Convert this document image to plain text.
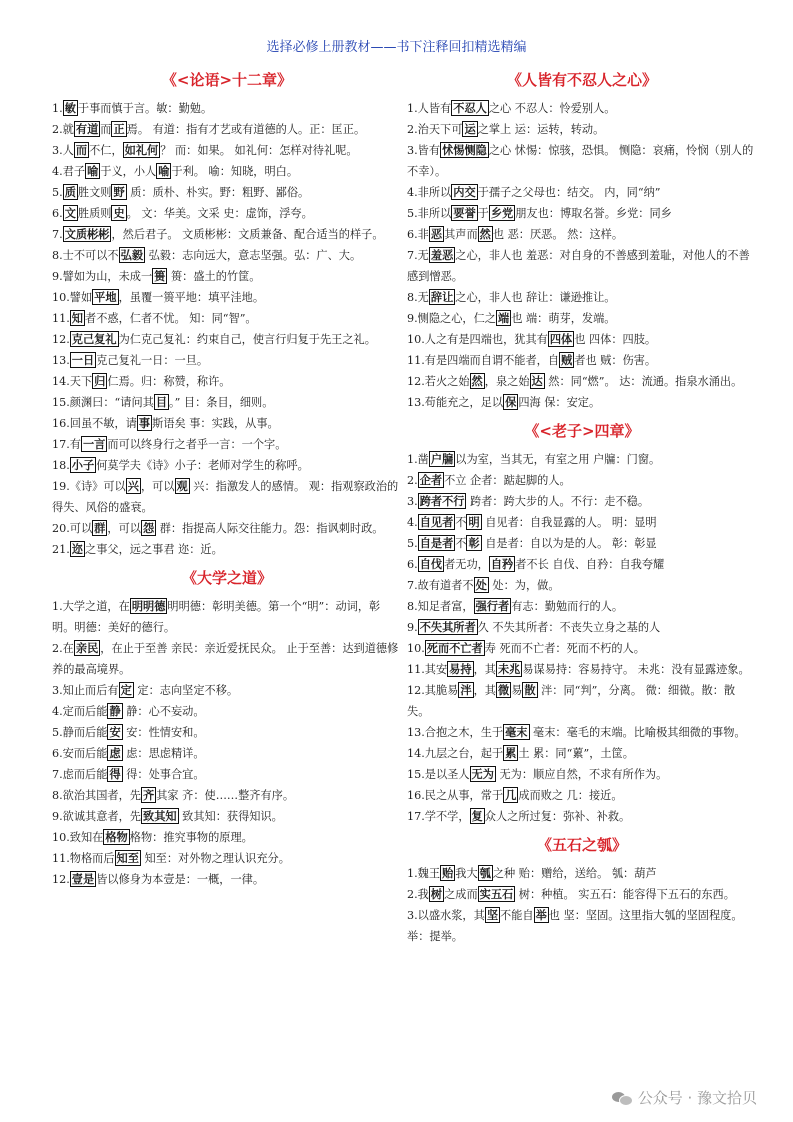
选择必修上册教材——书下注释回扣精选精编
《<论语>十二章》

1. 敏 于事而慎于言。敏：勤勉。

2.就 有道 而 正 焉。 有道：指有才艺或有道德的人。正：匡正。

3.人 而 不仁， 如礼何 ？ 而：如果。 如礼何：怎样对待礼呢。

4.君子 喻 于义，小人 喻 于利。 喻：知晓，明白。

5. 质 胜文则 野 质：质朴、朴实。野：粗野、鄙俗。

6. 文 胜质则 史 。 文：华美。文采 史：虚饰，浮夸。

7. 文质彬彬 ，然后君子。 文质彬彬：文质兼备、配合适当的样子。

8.士不可以不 弘毅 弘毅：志向远大，意志坚强。弘：广、大。

9.譬如为山，未成一 篑 篑：盛土的竹筐。

10.譬如 平地 ，虽覆一篑平地：填平洼地。

11. 知 者不惑，仁者不忧。 知：同“智”。

12. 克己复礼 为仁克己复礼：约束自己，使言行归复于先王之礼。

13. 一日 克己复礼一日：一旦。

14.天下 归 仁焉。归：称赞，称许。

15.颜渊曰：“请问其 目 。” 目：条目，细则。

16.回虽不敏，请 事 斯语矣 事：实践，从事。

17.有 一言 而可以终身行之者乎一言：一个字。

18. 小子 何莫学夫《诗》小子：老师对学生的称呼。

19.《诗》可以 兴 ，可以 观 兴：指激发人的感情。 观：指观察政治的得失、风俗的盛衰。

20.可以 群 ，可以 怨 群：指提高人际交往能力。怨：指讽刺时政。

21. 迩 之事父，远之事君 迩：近。

《大学之道》

1.大学之道，在 明明德 明明德：彰明美德。第一个“明”：动词，彰明。明德：美好的德行。

2.在 亲民 ，在止于至善 亲民：亲近爱抚民众。 止于至善：达到道德修养的最高境界。

3.知止而后有 定 定：志向坚定不移。

4.定而后能 静 静：心不妄动。

5.静而后能 安 安：性情安和。

6.安而后能 虑 虑：思虑精详。

7.虑而后能 得 得：处事合宜。

8.欲治其国者，先 齐 其家 齐：使……整齐有序。

9.欲诚其意者，先 致其知 致其知：获得知识。

10.致知在 格物 格物：推究事物的原理。

11.物格而后 知至 知至：对外物之理认识充分。

12. 壹是 皆以修身为本壹是：一概，一律。

《人皆有不忍人之心》

1.人皆有 不忍人 之心 不忍人：怜爱别人。

2.治天下可 运 之掌上 运：运转，转动。

3.皆有 怵惕恻隐 之心 怵惕：惊骇，恐惧。 恻隐：哀痛，怜悯（别人的不幸）。

4.非所以 内交 于孺子之父母也：结交。 内，同“纳”

5.非所以 要誉 于 乡党 朋友也：博取名誉。乡党：同乡

6.非 恶 其声而 然 也 恶：厌恶。 然：这样。

7.无 羞恶 之心，非人也 羞恶：对自身的不善感到羞耻，对他人的不善感到憎恶。

8.无 辞让 之心，非人也 辞让：谦逊推让。

9.恻隐之心，仁之 端 也 端：萌芽，发端。

10.人之有是四端也，犹其有 四体 也 四体：四肢。

11.有是四端而自谓不能者，自 贼 者也 贼：伤害。

12.若火之始 然 ，泉之始 达 然：同“燃”。 达：流通。指泉水涌出。

13.苟能充之，足以 保 四海 保：安定。

《<老子>四章》

1.凿 户牖 以为室，当其无，有室之用 户牖：门窗。

2. 企者 不立 企者：踮起脚的人。

3. 跨者不行 跨者：跨大步的人。不行：走不稳。

4. 自见者 不 明 自见者：自我显露的人。 明：显明

5. 自是者 不 彰 自是者：自以为是的人。 彰：彰显

6. 自伐 者无功， 自矜 者不长 自伐、自矜：自我夸耀

7.故有道者不 处 处：为，做。

8.知足者富， 强行者 有志：勤勉而行的人。

9. 不失其所者 久 不失其所者：不丧失立身之基的人

10. 死而不亡者 寿 死而不亡者：死而不朽的人。

11.其安 易持 ，其 未兆 易谋易持：容易持守。 未兆：没有显露迹象。

12.其脆易 泮 ，其 微 易 散 泮：同“判”，分离。 微：细微。散：散失。

13.合抱之木，生于 毫末 毫末：毫毛的末端。比喻极其细微的事物。

14.九层之台，起于 累 土 累：同“蔂”，土筐。

15.是以圣人 无为 无为：顺应自然，不求有所作为。

16.民之从事，常于 几 成而败之 几：接近。

17.学不学， 复 众人之所过复：弥补、补救。

《五石之瓠》

1.魏王 贻 我大 瓠 之种 贻：赠给，送给。 瓠：葫芦

2.我 树 之成而 实五石 树：种植。 实五石：能容得下五石的东西。

3.以盛水浆，其 坚 不能自 举 也 坚：坚固。这里指大瓠的坚固程度。 举：提举。

公众号 · 豫文拾贝
